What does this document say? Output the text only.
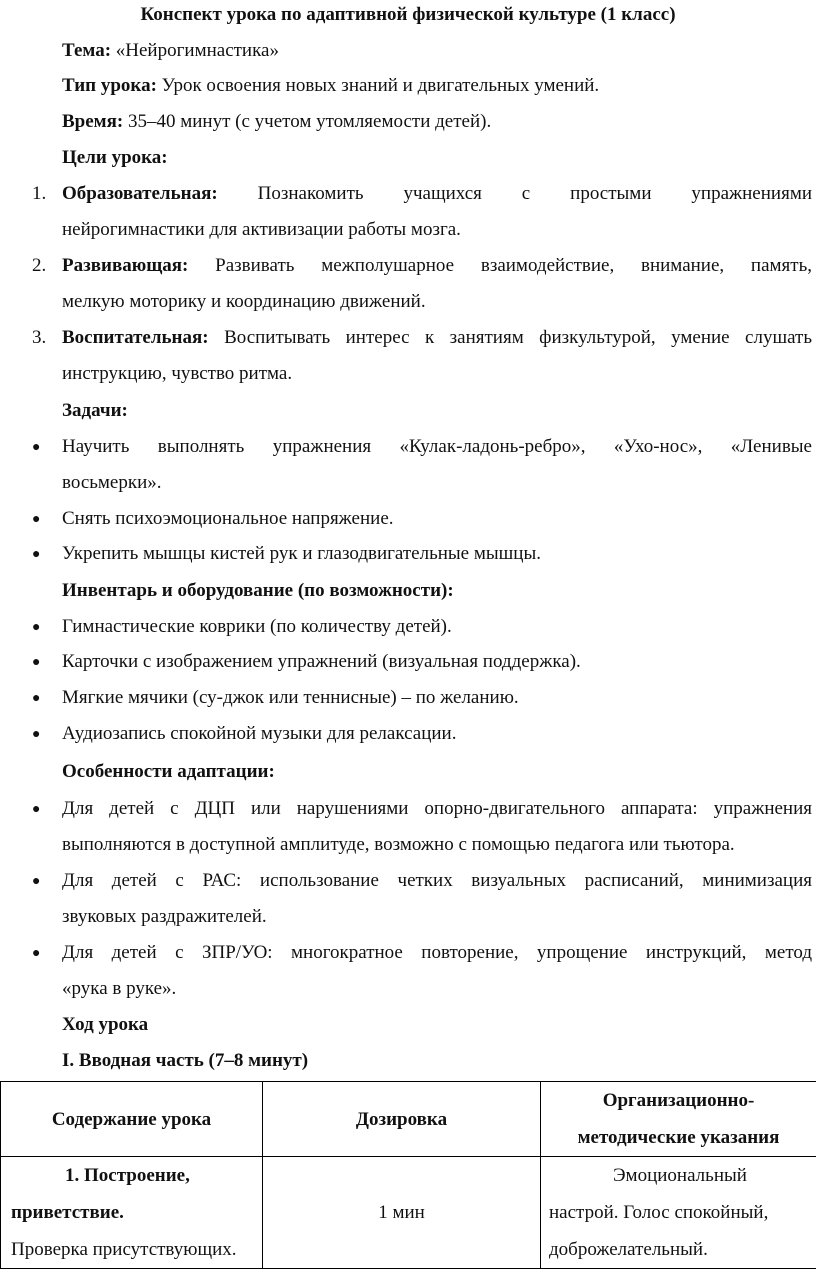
Конспект урока по адаптивной физической культуре (1 класс)
Тема: «Нейрогимнастика»
Тип урока: Урок освоения новых знаний и двигательных умений.
Время: 35–40 минут (с учетом утомляемости детей).
Цели урока:
1. Образовательная: Познакомить учащихся с простыми упражнениями
нейрогимнастики для активизации работы мозга.
2. Развивающая: Развивать межполушарное взаимодействие, внимание, память,
мелкую моторику и координацию движений.
3. Воспитательная: Воспитывать интерес к занятиям физкультурой, умение слушать
инструкцию, чувство ритма.
Задачи:
● Научить выполнять упражнения «Кулак-ладонь-ребро», «Ухо-нос», «Ленивые
восьмерки».
● Снять психоэмоциональное напряжение.
● Укрепить мышцы кистей рук и глазодвигательные мышцы.
Инвентарь и оборудование (по возможности):
● Гимнастические коврики (по количеству детей).
● Карточки с изображением упражнений (визуальная поддержка).
● Мягкие мячики (су-джок или теннисные) – по желанию.
● Аудиозапись спокойной музыки для релаксации.
Особенности адаптации:
● Для детей с ДЦП или нарушениями опорно-двигательного аппарата: упражнения
выполняются в доступной амплитуде, возможно с помощью педагога или тьютора.
● Для детей с РАС: использование четких визуальных расписаний, минимизация
звуковых раздражителей.
● Для детей с ЗПР/УО: многократное повторение, упрощение инструкций, метод
«рука в руке».
Ход урока
I. Вводная часть (7–8 минут)
Содержание урока	Дозировка	Организационно-методические указания

1. Построение, приветствие.
Проверка присутствующих.	1 мин	Эмоциональный настрой. Голос спокойный, доброжелательный.
